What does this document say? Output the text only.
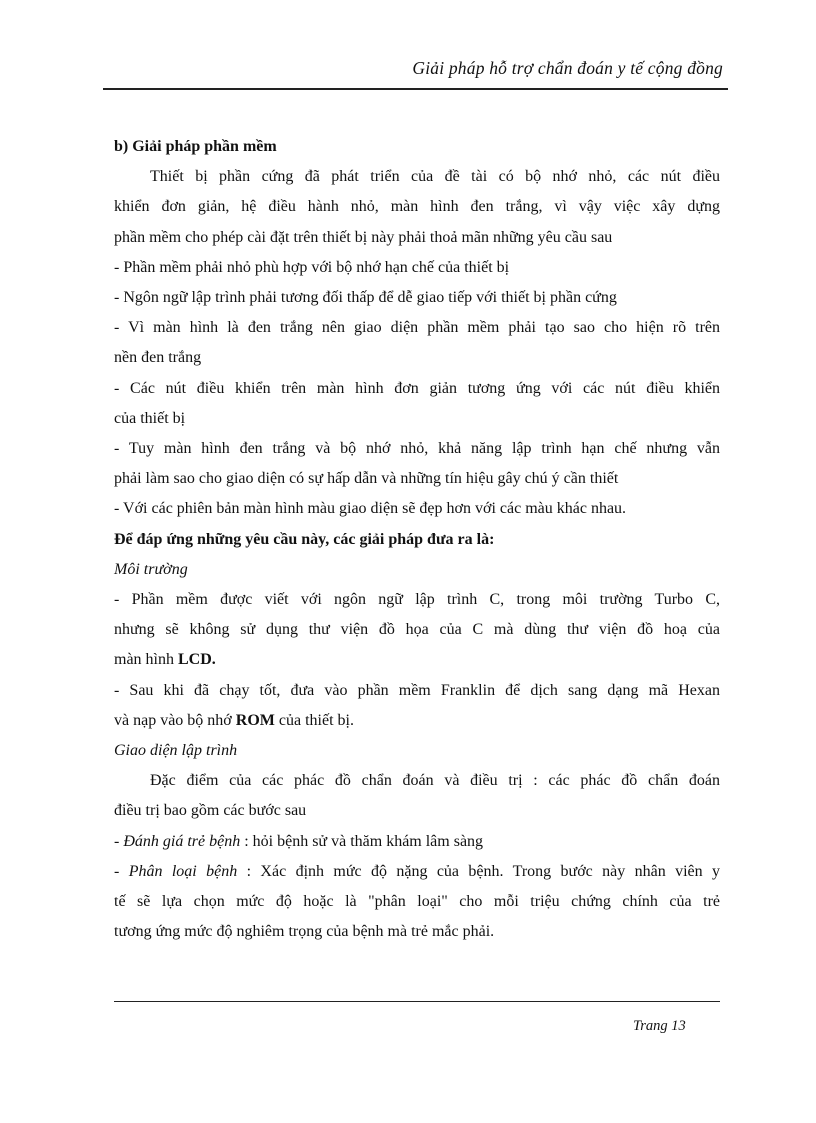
Giải pháp hỗ trợ chẩn đoán y tế cộng đồng

b) Giải pháp phần mềm

Thiết bị phần cứng đã phát triển của đề tài có bộ nhớ nhỏ, các nút điều

khiển đơn giản, hệ điều hành nhỏ, màn hình đen trắng, vì vậy việc xây dựng

phần mềm cho phép cài đặt trên thiết bị này phải thoả mãn những yêu cầu sau

- Phần mềm phải nhỏ phù hợp với bộ nhớ hạn chế của thiết bị

- Ngôn ngữ lập trình phải tương đối thấp để dễ giao tiếp với thiết bị phần cứng

- Vì màn hình là đen trắng nên giao diện phần mềm phải tạo sao cho hiện rõ trên

nền đen trắng

- Các nút điều khiển trên màn hình đơn giản tương ứng với các nút điều khiển

của thiết bị

- Tuy màn hình đen trắng và bộ nhớ nhỏ, khả năng lập trình hạn chế nhưng vẫn

phải làm sao cho giao diện có sự hấp dẫn và những tín hiệu gây chú ý cần thiết

- Với các phiên bản màn hình màu giao diện sẽ đẹp hơn với các màu khác nhau.

Để đáp ứng những yêu cầu này, các giải pháp đưa ra là:

Môi trường

- Phần mềm được viết với ngôn ngữ lập trình C, trong môi trường Turbo C,

nhưng sẽ không sử dụng thư viện đồ họa của C mà dùng thư viện đồ hoạ của

màn hình LCD.

- Sau khi đã chạy tốt, đưa vào phần mềm Franklin để dịch sang dạng mã Hexan

và nạp vào bộ nhớ ROM của thiết bị.

Giao diện lập trình

Đặc điểm của các phác đồ chẩn đoán và điều trị : các phác đồ chẩn đoán

điều trị bao gồm các bước sau

- Đánh giá trẻ bệnh : hỏi bệnh sử và thăm khám lâm sàng

- Phân loại bệnh : Xác định mức độ nặng của bệnh. Trong bước này nhân viên y

tế sẽ lựa chọn mức độ hoặc là "phân loại" cho mỗi triệu chứng chính của trẻ

tương ứng mức độ nghiêm trọng của bệnh mà trẻ mắc phải.

Trang 13
